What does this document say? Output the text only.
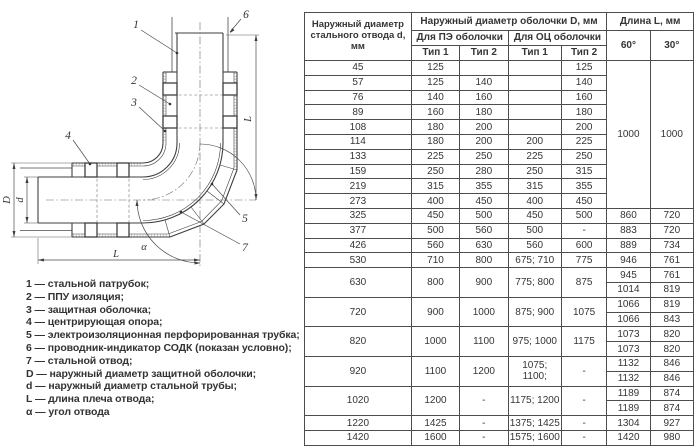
L
L
D d
α
1
2
3
4
5
6
7
1 — стальной патрубок;
2 — ППУ изоляция;
3 — защитная оболочка;
4 — центрирующая опора;
5 — электроизоляционная перфорированная трубка;
6 — проводник-индикатор СОДК (показан условно);
7 — стальной отвод;
D — наружный диаметр защитной оболочки;
d — наружный диаметр стальной трубы;
L — длина плеча отвода;
α — угол отвода
Наружный диаметр стального отвода d, мм	Наружный диаметр оболочки D, мм				Длина L, мм	
	Для ПЭ оболочки		Для ОЦ оболочки		60°	30°
	Тип 1	Тип 2	Тип 1	Тип 2		
45	125			125	1000	1000
57	125	140		140		
76	140	160		160		
89	160	180		180		
108	180	200		200		
114	180	200	200	225		
133	225	250	225	250		
159	250	280	250	315		
219	315	355	315	355		
273	400	450	400	450		
325	450	500	450	500	860	720
377	500	560	500	-	883	720
426	560	630	560	600	889	734
530	710	800	675; 710	775	946	761
630	800	900	775; 800	875	945	761
					1014	819
720	900	1000	875; 900	1075	1066	819
					1066	843
820	1000	1100	975; 1000	1175	1073	820
					1073	820
920	1100	1200	1075; 1100;	-	1132	846
					1132	846
1020	1200	-	1175; 1200	-	1189	874
					1189	874
1220	1425	-	1375; 1425	-	1304	927
1420	1600	-	1575; 1600	-	1420	980
